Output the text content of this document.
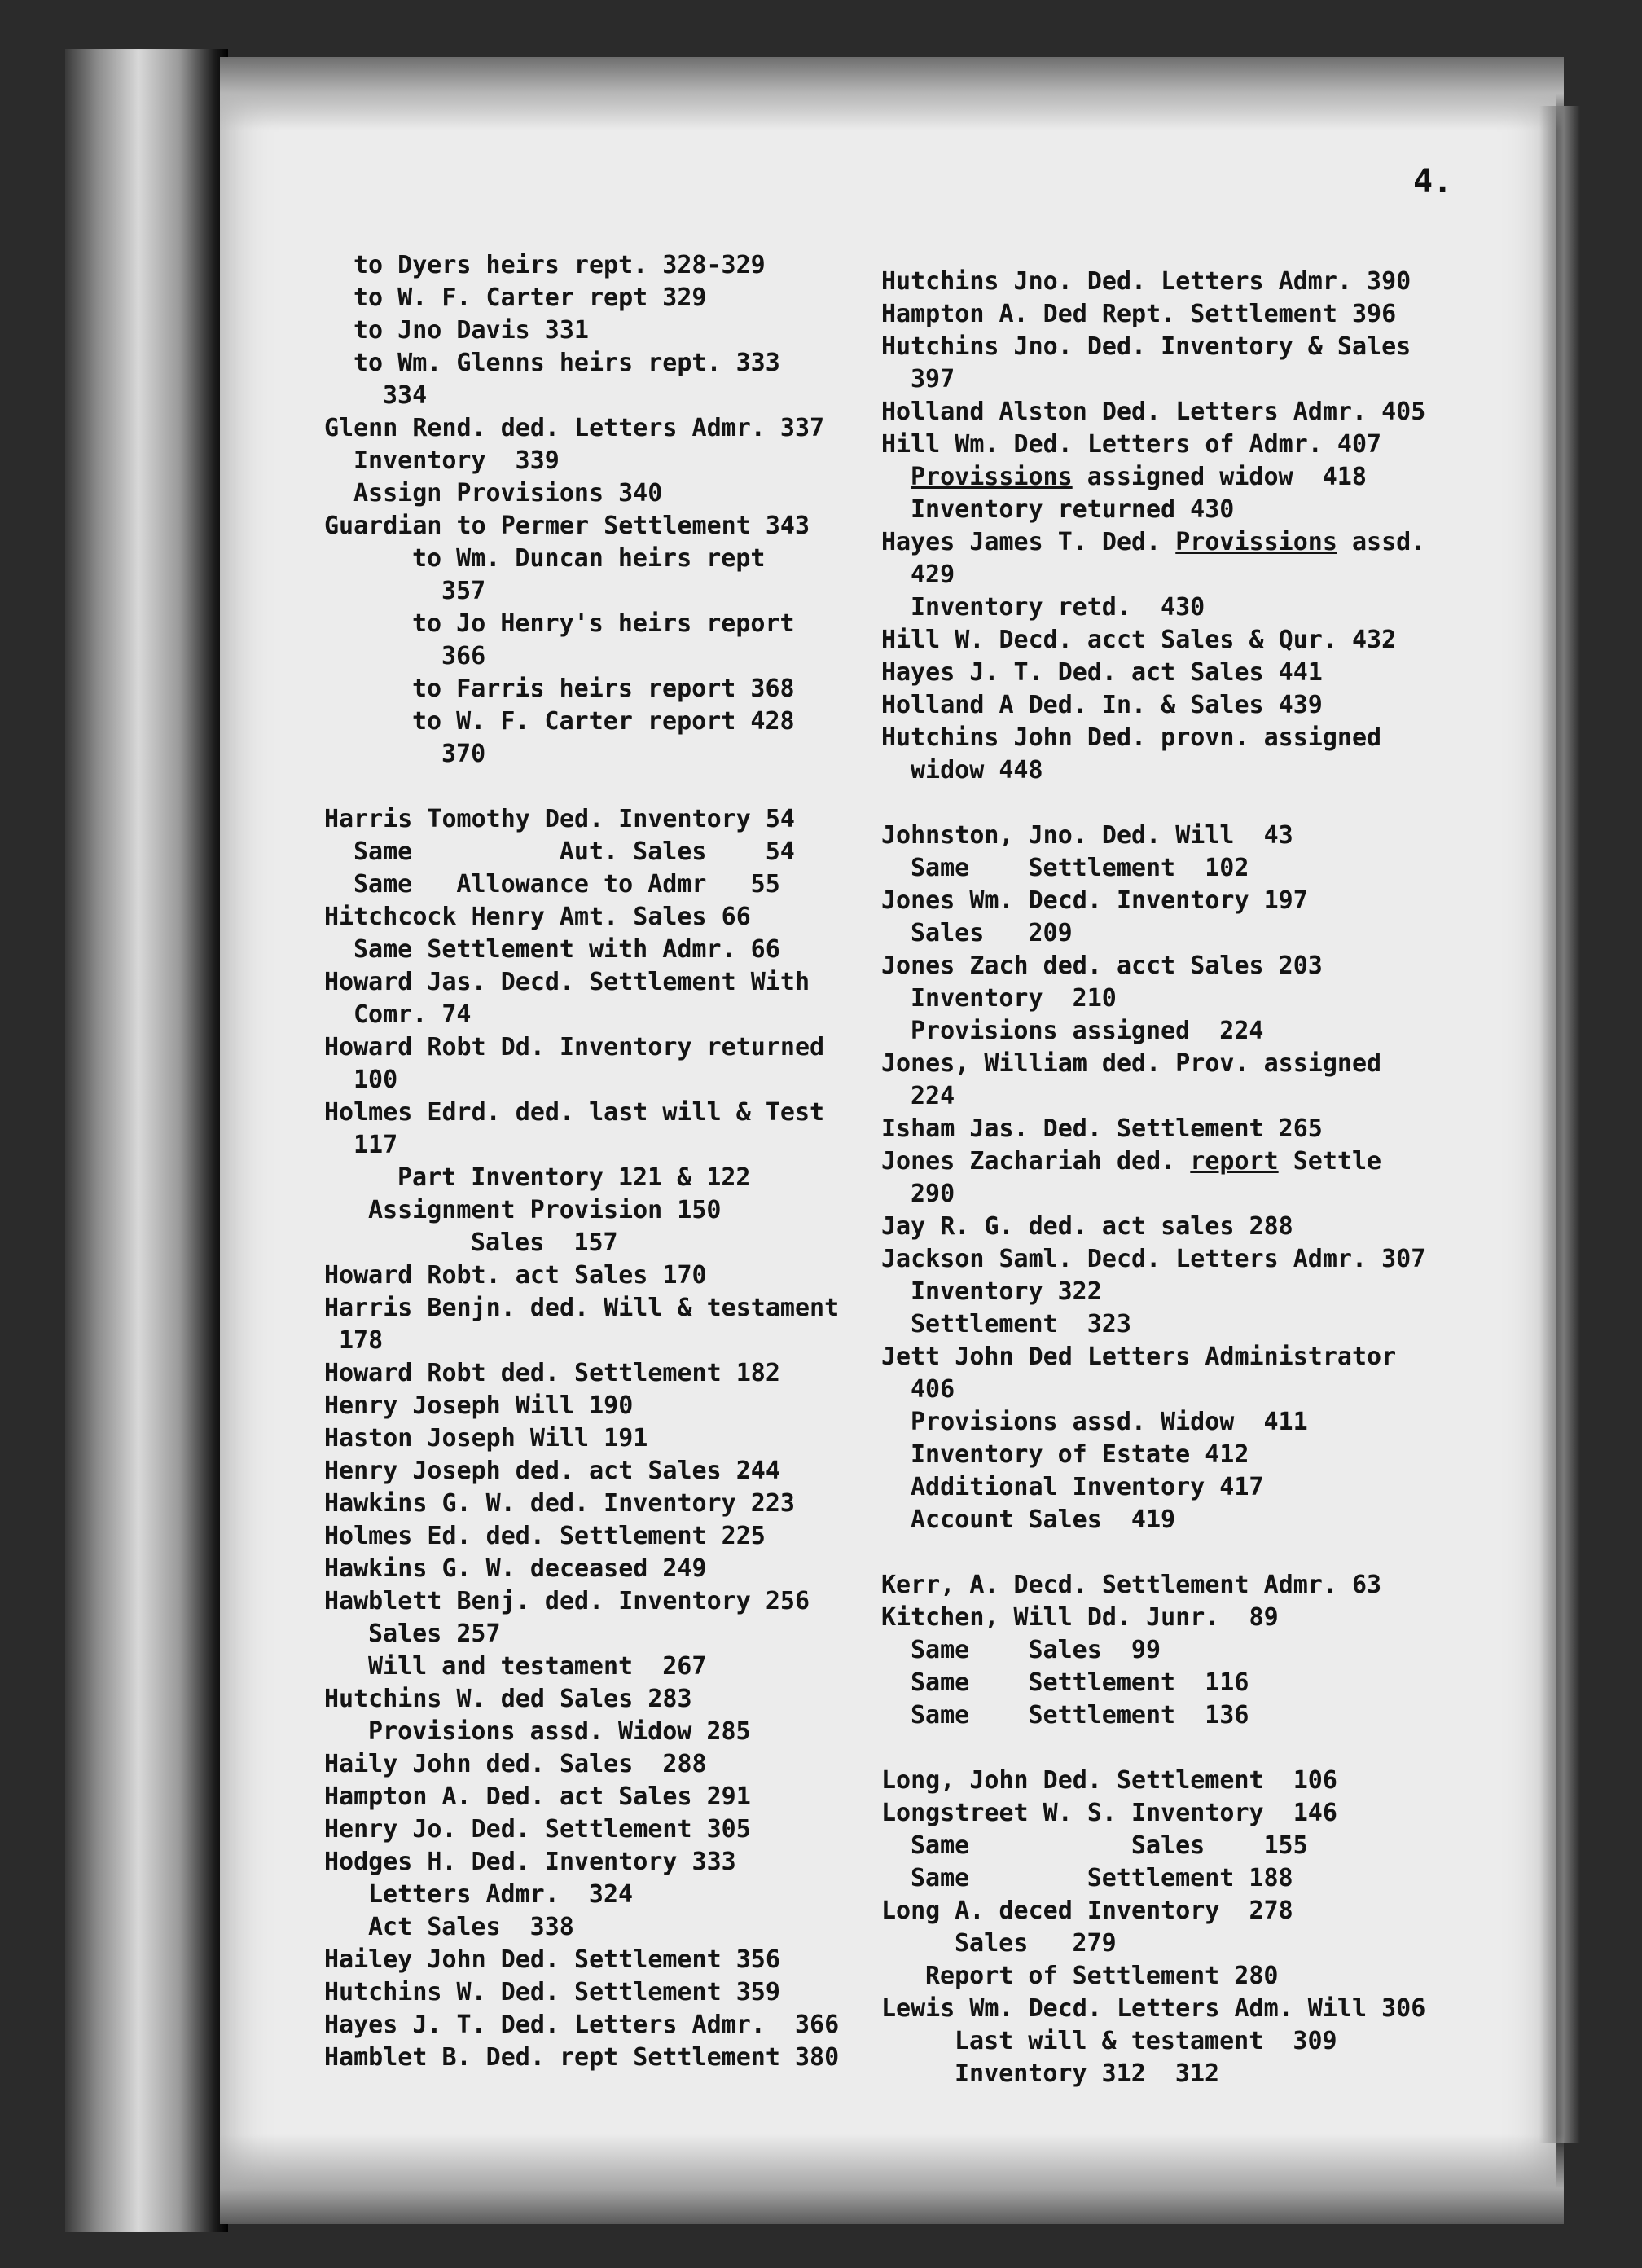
4.
to Dyers heirs rept. 328-329
to W. F. Carter rept 329
to Jno Davis 331
to Wm. Glenns heirs rept. 333
334
Glenn Rend. ded. Letters Admr. 337
Inventory  339
Assign Provisions 340
Guardian to Permer Settlement 343
to Wm. Duncan heirs rept
357
to Jo Henry's heirs report
366
to Farris heirs report 368
to W. F. Carter report 428
370
Harris Tomothy Ded. Inventory 54
Same          Aut. Sales    54
Same   Allowance to Admr   55
Hitchcock Henry Amt. Sales 66
Same Settlement with Admr. 66
Howard Jas. Decd. Settlement With
Comr. 74
Howard Robt Dd. Inventory returned
100
Holmes Edrd. ded. last will & Test
117
Part Inventory 121 & 122
Assignment Provision 150
Sales  157
Howard Robt. act Sales 170
Harris Benjn. ded. Will & testament
178
Howard Robt ded. Settlement 182
Henry Joseph Will 190
Haston Joseph Will 191
Henry Joseph ded. act Sales 244
Hawkins G. W. ded. Inventory 223
Holmes Ed. ded. Settlement 225
Hawkins G. W. deceased 249
Hawblett Benj. ded. Inventory 256
Sales 257
Will and testament  267
Hutchins W. ded Sales 283
Provisions assd. Widow 285
Haily John ded. Sales  288
Hampton A. Ded. act Sales 291
Henry Jo. Ded. Settlement 305
Hodges H. Ded. Inventory 333
Letters Admr.  324
Act Sales  338
Hailey John Ded. Settlement 356
Hutchins W. Ded. Settlement 359
Hayes J. T. Ded. Letters Admr.  366
Hamblet B. Ded. rept Settlement 380
Hutchins Jno. Ded. Letters Admr. 390
Hampton A. Ded Rept. Settlement 396
Hutchins Jno. Ded. Inventory & Sales
397
Holland Alston Ded. Letters Admr. 405
Hill Wm. Ded. Letters of Admr. 407
Provissions assigned widow  418
Inventory returned 430
Hayes James T. Ded. Provissions assd.
429
Inventory retd.  430
Hill W. Decd. acct Sales & Qur. 432
Hayes J. T. Ded. act Sales 441
Holland A Ded. In. & Sales 439
Hutchins John Ded. provn. assigned
widow 448
Johnston, Jno. Ded. Will  43
Same    Settlement  102
Jones Wm. Decd. Inventory 197
Sales   209
Jones Zach ded. acct Sales 203
Inventory  210
Provisions assigned  224
Jones, William ded. Prov. assigned
224
Isham Jas. Ded. Settlement 265
Jones Zachariah ded. report Settle
290
Jay R. G. ded. act sales 288
Jackson Saml. Decd. Letters Admr. 307
Inventory 322
Settlement  323
Jett John Ded Letters Administrator
406
Provisions assd. Widow  411
Inventory of Estate 412
Additional Inventory 417
Account Sales  419
Kerr, A. Decd. Settlement Admr. 63
Kitchen, Will Dd. Junr.  89
Same    Sales  99
Same    Settlement  116
Same    Settlement  136
Long, John Ded. Settlement  106
Longstreet W. S. Inventory  146
Same           Sales    155
Same        Settlement 188
Long A. deced Inventory  278
Sales   279
Report of Settlement 280
Lewis Wm. Decd. Letters Adm. Will 306
Last will & testament  309
Inventory 312  312
